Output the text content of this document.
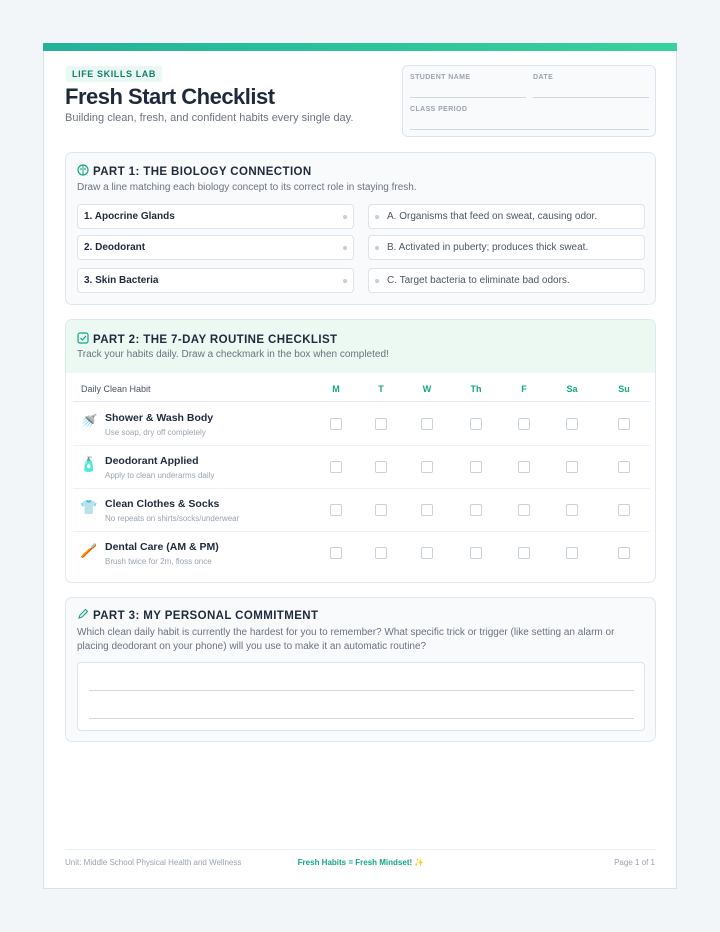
LIFE SKILLS LAB
Fresh Start Checklist
Building clean, fresh, and confident habits every single day.
STUDENT NAME	DATE
CLASS PERIOD
PART 1: THE BIOLOGY CONNECTION
Draw a line matching each biology concept to its correct role in staying fresh.
1. Apocrine Glands
2. Deodorant
3. Skin Bacteria
A. Organisms that feed on sweat, causing odor.
B. Activated in puberty; produces thick sweat.
C. Target bacteria to eliminate bad odors.
PART 2: THE 7-DAY ROUTINE CHECKLIST
Track your habits daily. Draw a checkmark in the box when completed!
Daily Clean Habit	M	T	W	Th	F	Sa	Su
🚿 Shower & Wash Body
Use soap, dry off completely
🧴 Deodorant Applied
Apply to clean underarms daily
👕 Clean Clothes & Socks
No repeats on shirts/socks/underwear
🪥 Dental Care (AM & PM)
Brush twice for 2m, floss once
PART 3: MY PERSONAL COMMITMENT
Which clean daily habit is currently the hardest for you to remember? What specific trick or trigger (like setting an alarm or placing deodorant on your phone) will you use to make it an automatic routine?
Unit: Middle School Physical Health and Wellness	Fresh Habits = Fresh Mindset! ✨	Page 1 of 1
